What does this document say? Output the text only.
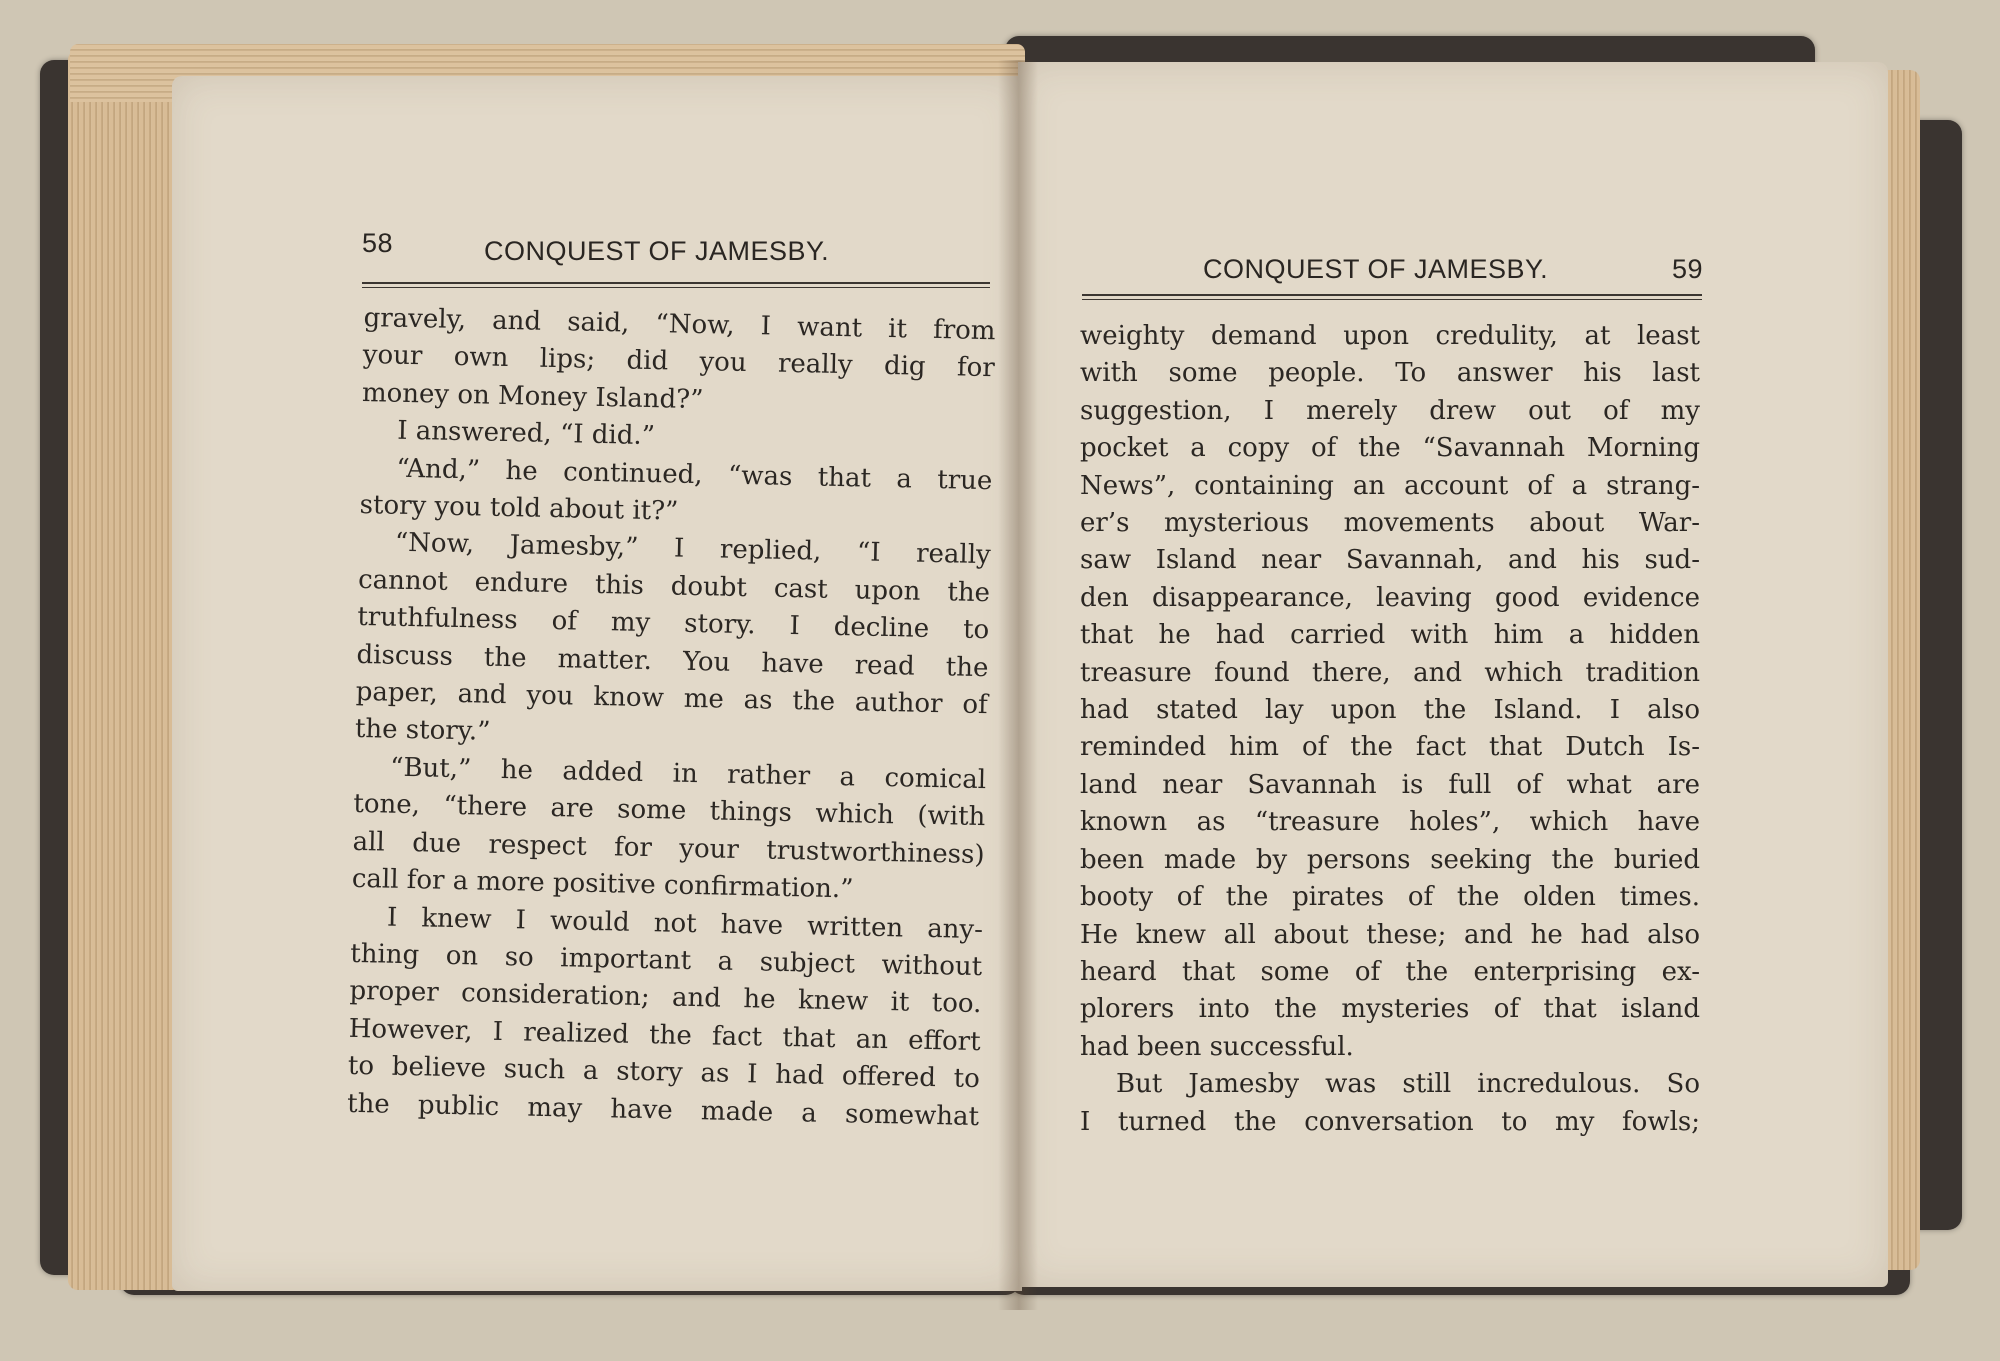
58	CONQUEST OF JAMESBY.
CONQUEST OF JAMESBY.	59
gravely, and said, “Now, I want it from
your own lips; did you really dig for
money on Money Island?”
I answered, “I did.”
“And,” he continued, “was that a true
story you told about it?”
“Now, Jamesby,” I replied, “I really
cannot endure this doubt cast upon the
truthfulness of my story. I decline to
discuss the matter. You have read the
paper, and you know me as the author of
the story.”
“But,” he added in rather a comical
tone, “there are some things which (with
all due respect for your trustworthiness)
call for a more positive confirmation.”
I knew I would not have written any-
thing on so important a subject without
proper consideration; and he knew it too.
However, I realized the fact that an effort
to believe such a story as I had offered to
the public may have made a somewhat
weighty demand upon credulity, at least
with some people. To answer his last
suggestion, I merely drew out of my
pocket a copy of the “Savannah Morning
News”, containing an account of a strang-
er’s mysterious movements about War-
saw Island near Savannah, and his sud-
den disappearance, leaving good evidence
that he had carried with him a hidden
treasure found there, and which tradition
had stated lay upon the Island. I also
reminded him of the fact that Dutch Is-
land near Savannah is full of what are
known as “treasure holes”, which have
been made by persons seeking the buried
booty of the pirates of the olden times.
He knew all about these; and he had also
heard that some of the enterprising ex-
plorers into the mysteries of that island
had been successful.
But Jamesby was still incredulous. So
I turned the conversation to my fowls;
